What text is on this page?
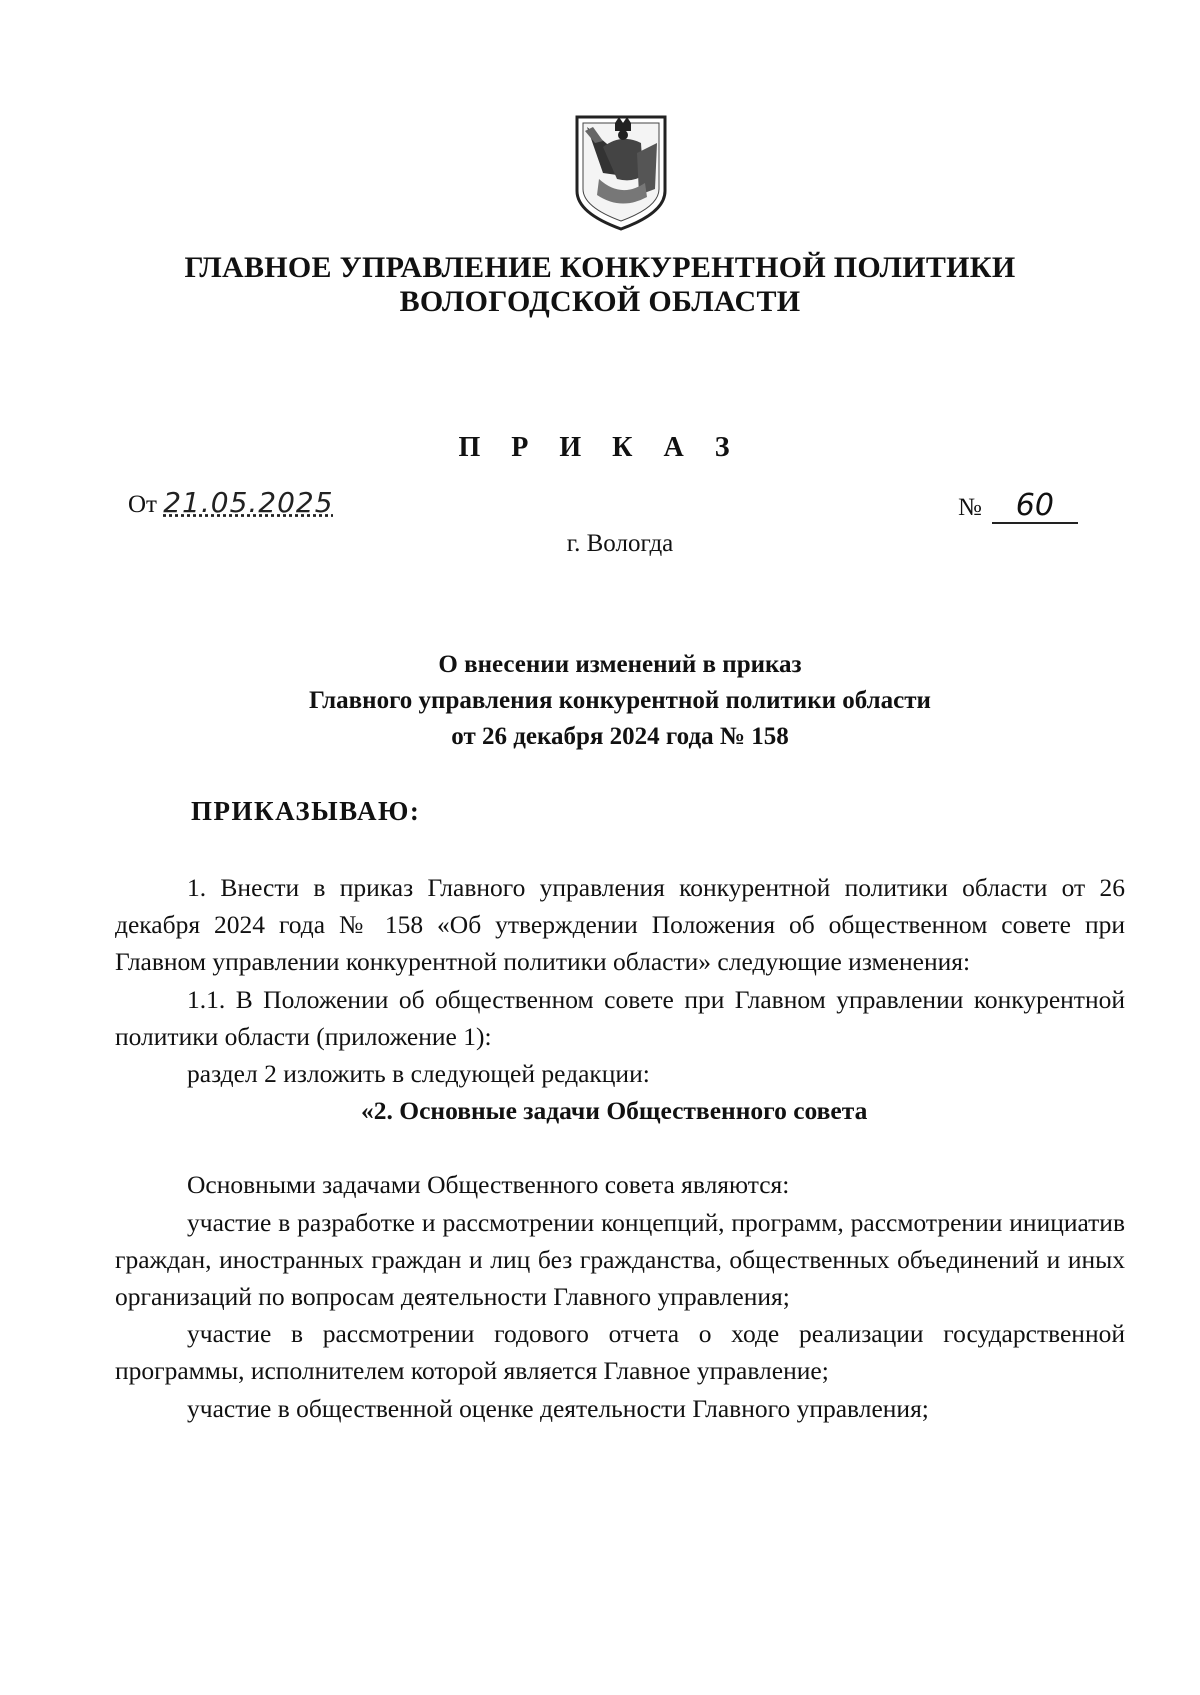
ГЛАВНОЕ УПРАВЛЕНИЕ КОНКУРЕНТНОЙ ПОЛИТИКИ
ВОЛОГОДСКОЙ ОБЛАСТИ
П Р И К А З
От 21.05.2025	№ 60
г. Вологда
О внесении изменений в приказ
Главного управления конкурентной политики области
от 26 декабря 2024 года № 158
ПРИКАЗЫВАЮ:

1. Внести в приказ Главного управления конкурентной политики области от 26 декабря 2024 года № 158 «Об утверждении Положения об общественном совете при Главном управлении конкурентной политики области» следующие изменения:

1.1. В Положении об общественном совете при Главном управлении конкурентной политики области (приложение 1):

раздел 2 изложить в следующей редакции:

«2. Основные задачи Общественного совета

Основными задачами Общественного совета являются:

участие в разработке и рассмотрении концепций, программ, рассмотрении инициатив граждан, иностранных граждан и лиц без гражданства, общественных объединений и иных организаций по вопросам деятельности Главного управления;

участие в рассмотрении годового отчета о ходе реализации государственной программы, исполнителем которой является Главное управление;

участие в общественной оценке деятельности Главного управления;
